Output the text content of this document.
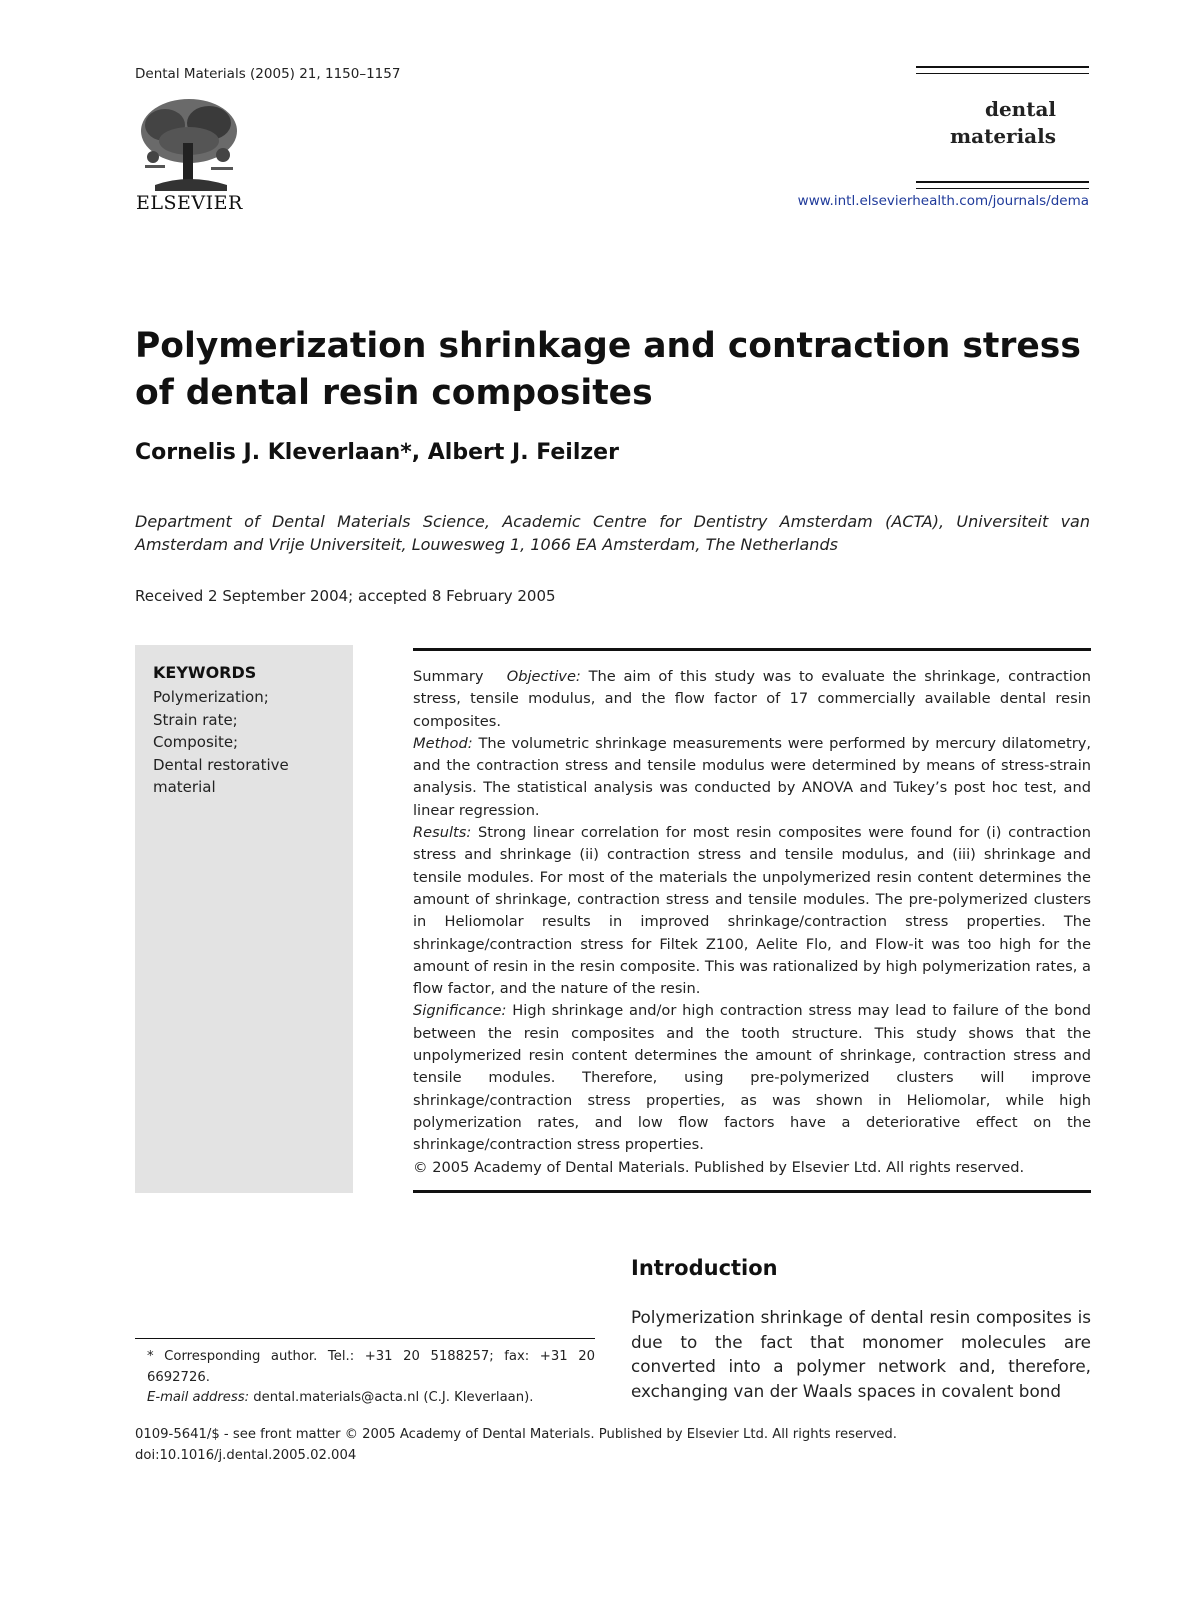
Dental Materials (2005) 21, 1150–1157
ELSEVIER
dental
materials
www.intl.elsevierhealth.com/journals/dema
Polymerization shrinkage and contraction stress of dental resin composites
Cornelis J. Kleverlaan*, Albert J. Feilzer
Department of Dental Materials Science, Academic Centre for Dentistry Amsterdam (ACTA), Universiteit van Amsterdam and Vrije Universiteit, Louwesweg 1, 1066 EA Amsterdam, The Netherlands
Received 2 September 2004; accepted 8 February 2005
KEYWORDS
Polymerization;
Strain rate;
Composite;
Dental restorative material

Summary Objective: The aim of this study was to evaluate the shrinkage, contraction stress, tensile modulus, and the flow factor of 17 commercially available dental resin composites.

Method: The volumetric shrinkage measurements were performed by mercury dilatometry, and the contraction stress and tensile modulus were determined by means of stress-strain analysis. The statistical analysis was conducted by ANOVA and Tukey’s post hoc test, and linear regression.

Results: Strong linear correlation for most resin composites were found for (i) contraction stress and shrinkage (ii) contraction stress and tensile modulus, and (iii) shrinkage and tensile modules. For most of the materials the unpolymerized resin content determines the amount of shrinkage, contraction stress and tensile modules. The pre-polymerized clusters in Heliomolar results in improved shrinkage/contraction stress properties. The shrinkage/contraction stress for Filtek Z100, Aelite Flo, and Flow-it was too high for the amount of resin in the resin composite. This was rationalized by high polymerization rates, a flow factor, and the nature of the resin.

Significance: High shrinkage and/or high contraction stress may lead to failure of the bond between the resin composites and the tooth structure. This study shows that the unpolymerized resin content determines the amount of shrinkage, contraction stress and tensile modules. Therefore, using pre-polymerized clusters will improve shrinkage/contraction stress properties, as was shown in Heliomolar, while high polymerization rates, and low flow factors have a deteriorative effect on the shrinkage/contraction stress properties.

© 2005 Academy of Dental Materials. Published by Elsevier Ltd. All rights reserved.

Introduction
Polymerization shrinkage of dental resin composites is due to the fact that monomer molecules are converted into a polymer network and, therefore, exchanging van der Waals spaces in covalent bond
* Corresponding author. Tel.: +31 20 5188257; fax: +31 20 6692726.
E-mail address: dental.materials@acta.nl (C.J. Kleverlaan).
0109-5641/$ - see front matter © 2005 Academy of Dental Materials. Published by Elsevier Ltd. All rights reserved.
doi:10.1016/j.dental.2005.02.004
